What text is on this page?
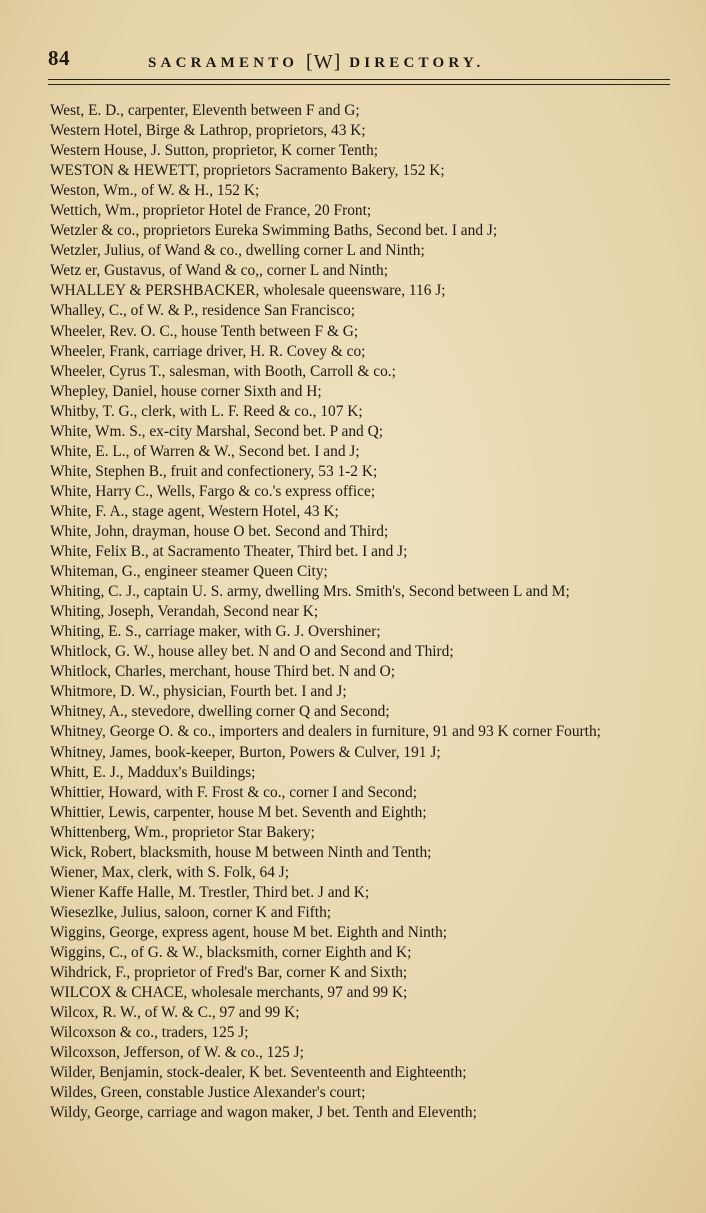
84	SACRAMENTO [W] DIRECTORY.
West, E. D., carpenter, Eleventh between F and G;
Western Hotel, Birge & Lathrop, proprietors, 43 K;
Western House, J. Sutton, proprietor, K corner Tenth;
WESTON & HEWETT, proprietors Sacramento Bakery, 152 K;
Weston, Wm., of W. & H., 152 K;
Wettich, Wm., proprietor Hotel de France, 20 Front;
Wetzler & co., proprietors Eureka Swimming Baths, Second bet. I and J;
Wetzler, Julius, of Wand & co., dwelling corner L and Ninth;
Wetz er, Gustavus, of Wand & co,, corner L and Ninth;
WHALLEY & PERSHBACKER, wholesale queensware, 116 J;
Whalley, C., of W. & P., residence San Francisco;
Wheeler, Rev. O. C., house Tenth between F & G;
Wheeler, Frank, carriage driver, H. R. Covey & co;
Wheeler, Cyrus T., salesman, with Booth, Carroll & co.;
Whepley, Daniel, house corner Sixth and H;
Whitby, T. G., clerk, with L. F. Reed & co., 107 K;
White, Wm. S., ex-city Marshal, Second bet. P and Q;
White, E. L., of Warren & W., Second bet. I and J;
White, Stephen B., fruit and confectionery, 53 1-2 K;
White, Harry C., Wells, Fargo & co.'s express office;
White, F. A., stage agent, Western Hotel, 43 K;
White, John, drayman, house O bet. Second and Third;
White, Felix B., at Sacramento Theater, Third bet. I and J;
Whiteman, G., engineer steamer Queen City;
Whiting, C. J., captain U. S. army, dwelling Mrs. Smith's, Second between L and M;
Whiting, Joseph, Verandah, Second near K;
Whiting, E. S., carriage maker, with G. J. Overshiner;
Whitlock, G. W., house alley bet. N and O and Second and Third;
Whitlock, Charles, merchant, house Third bet. N and O;
Whitmore, D. W., physician, Fourth bet. I and J;
Whitney, A., stevedore, dwelling corner Q and Second;
Whitney, George O. & co., importers and dealers in furniture, 91 and 93 K corner Fourth;
Whitney, James, book-keeper, Burton, Powers & Culver, 191 J;
Whitt, E. J., Maddux's Buildings;
Whittier, Howard, with F. Frost & co., corner I and Second;
Whittier, Lewis, carpenter, house M bet. Seventh and Eighth;
Whittenberg, Wm., proprietor Star Bakery;
Wick, Robert, blacksmith, house M between Ninth and Tenth;
Wiener, Max, clerk, with S. Folk, 64 J;
Wiener Kaffe Halle, M. Trestler, Third bet. J and K;
Wiesezlke, Julius, saloon, corner K and Fifth;
Wiggins, George, express agent, house M bet. Eighth and Ninth;
Wiggins, C., of G. & W., blacksmith, corner Eighth and K;
Wihdrick, F., proprietor of Fred's Bar, corner K and Sixth;
WILCOX & CHACE, wholesale merchants, 97 and 99 K;
Wilcox, R. W., of W. & C., 97 and 99 K;
Wilcoxson & co., traders, 125 J;
Wilcoxson, Jefferson, of W. & co., 125 J;
Wilder, Benjamin, stock-dealer, K bet. Seventeenth and Eighteenth;
Wildes, Green, constable Justice Alexander's court;
Wildy, George, carriage and wagon maker, J bet. Tenth and Eleventh;
